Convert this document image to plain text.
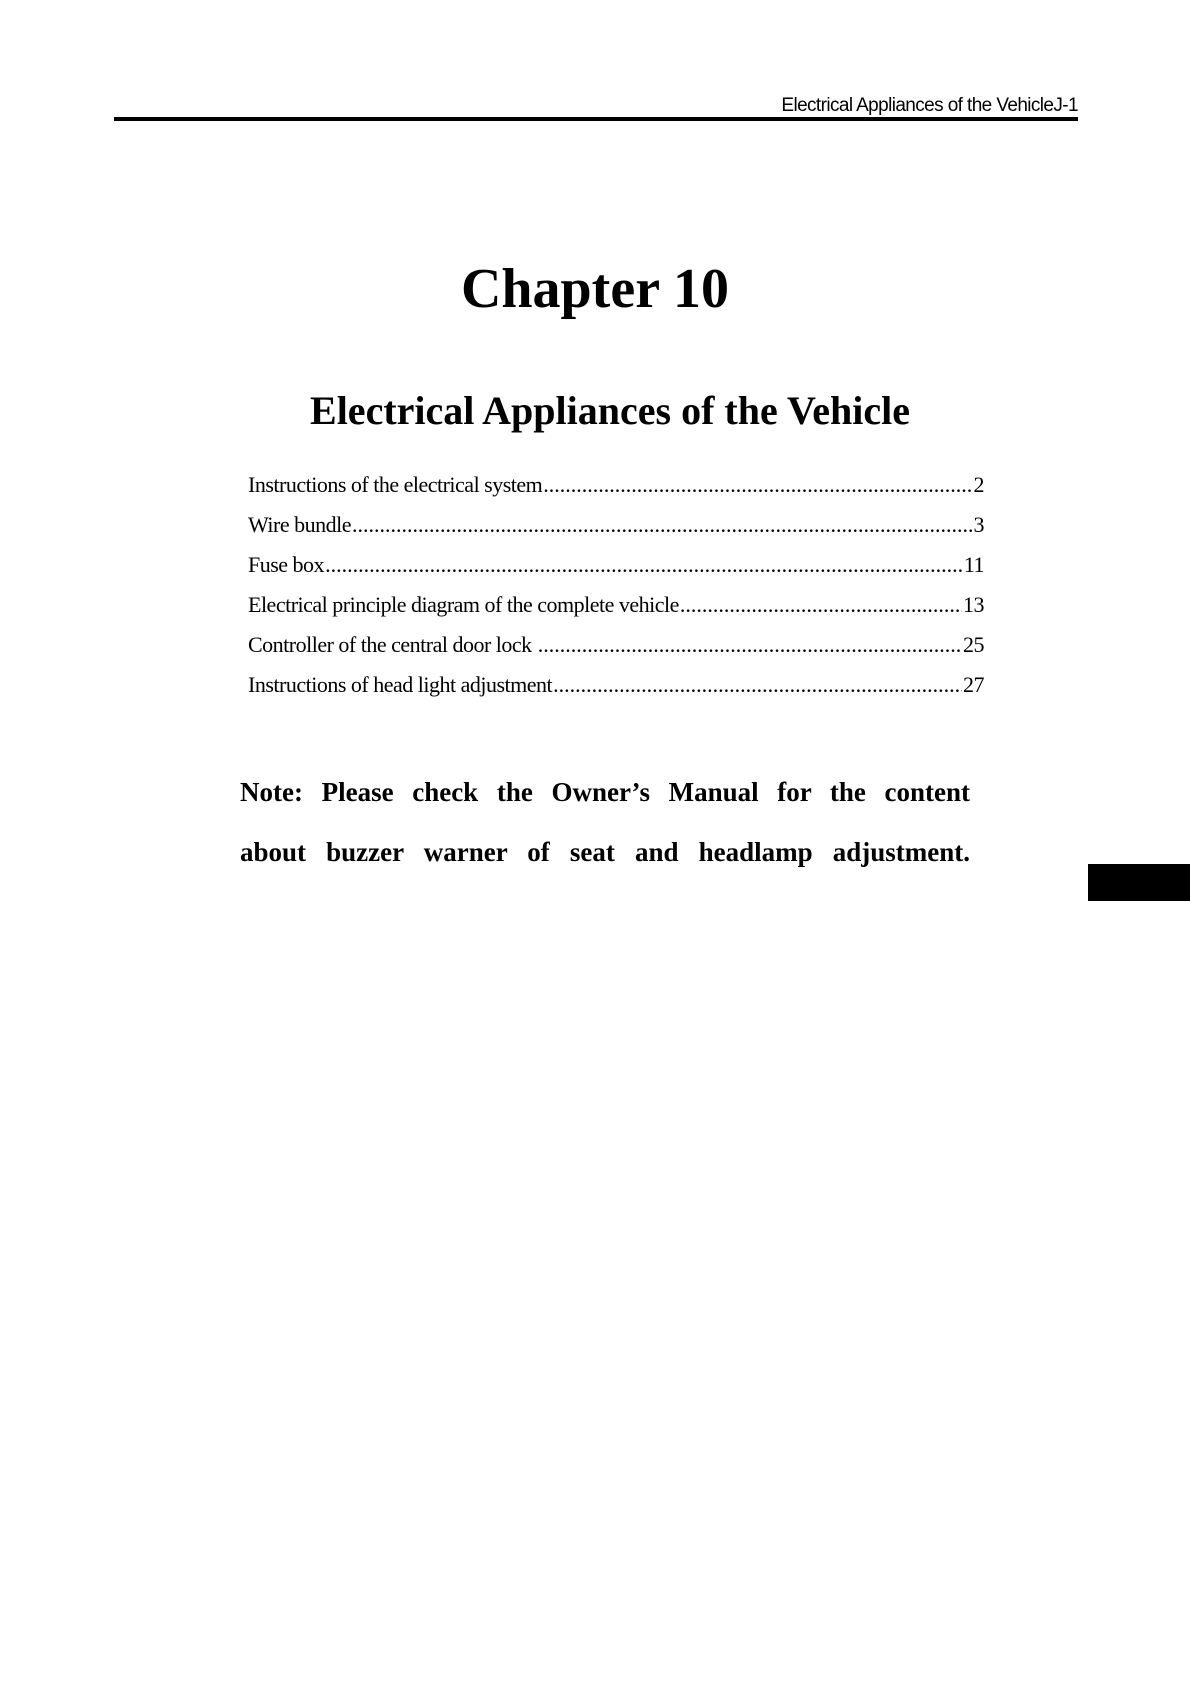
Electrical Appliances of the VehicleJ-1
Chapter 10
Electrical Appliances of the Vehicle
Instructions of the electrical system .....	2
Wire bundle .....	3
Fuse box .....	11
Electrical principle diagram of the complete vehicle .....	13
Controller of the central door lock .....	25
Instructions of head light adjustment .....	27

Note: Please check the Owner’s Manual for the content about buzzer warner of seat and headlamp adjustment.
